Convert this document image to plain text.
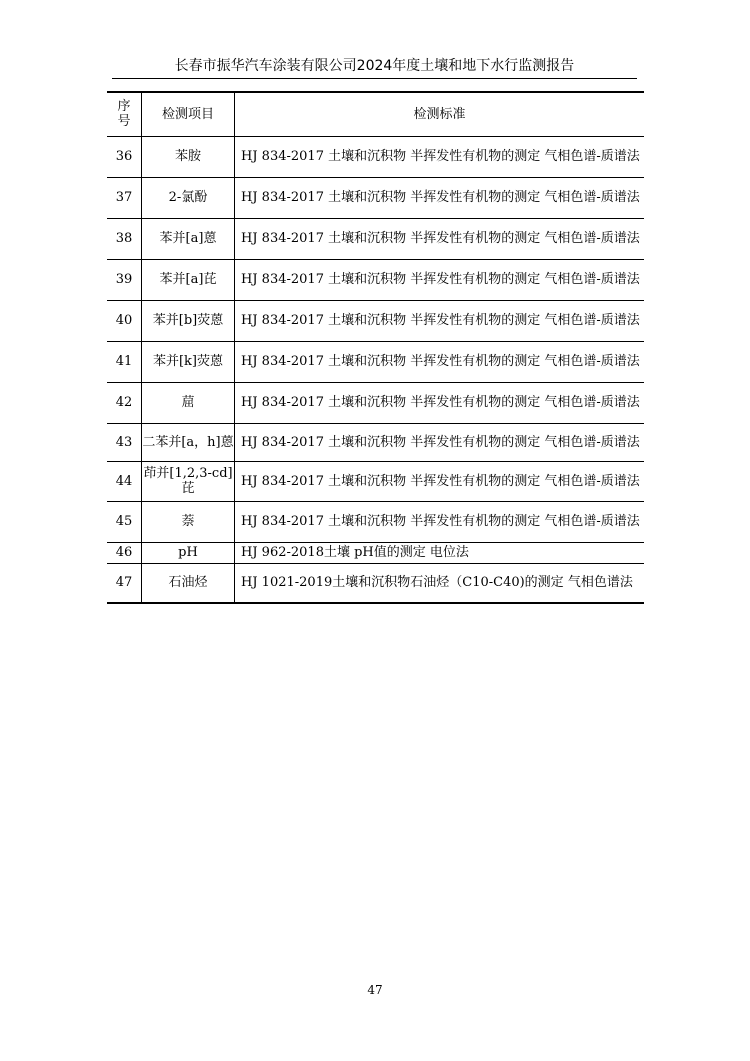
长春市振华汽车涂装有限公司2024年度土壤和地下水行监测报告
序号	检测项目	检测标准
36	苯胺	HJ 834-2017 土壤和沉积物 半挥发性有机物的测定 气相色谱-质谱法
37	2-氯酚	HJ 834-2017 土壤和沉积物 半挥发性有机物的测定 气相色谱-质谱法
38	苯并[a]蒽	HJ 834-2017 土壤和沉积物 半挥发性有机物的测定 气相色谱-质谱法
39	苯并[a]芘	HJ 834-2017 土壤和沉积物 半挥发性有机物的测定 气相色谱-质谱法
40	苯并[b]荧蒽	HJ 834-2017 土壤和沉积物 半挥发性有机物的测定 气相色谱-质谱法
41	苯并[k]荧蒽	HJ 834-2017 土壤和沉积物 半挥发性有机物的测定 气相色谱-质谱法
42	䓛	HJ 834-2017 土壤和沉积物 半挥发性有机物的测定 气相色谱-质谱法
43	二苯并[a，h]蒽	HJ 834-2017 土壤和沉积物 半挥发性有机物的测定 气相色谱-质谱法
44	茚并[1,2,3-cd]芘	HJ 834-2017 土壤和沉积物 半挥发性有机物的测定 气相色谱-质谱法
45	萘	HJ 834-2017 土壤和沉积物 半挥发性有机物的测定 气相色谱-质谱法
46	pH	HJ 962-2018土壤 pH值的测定 电位法
47	石油烃	HJ 1021-2019土壤和沉积物石油烃（C10-C40)的测定 气相色谱法
47
